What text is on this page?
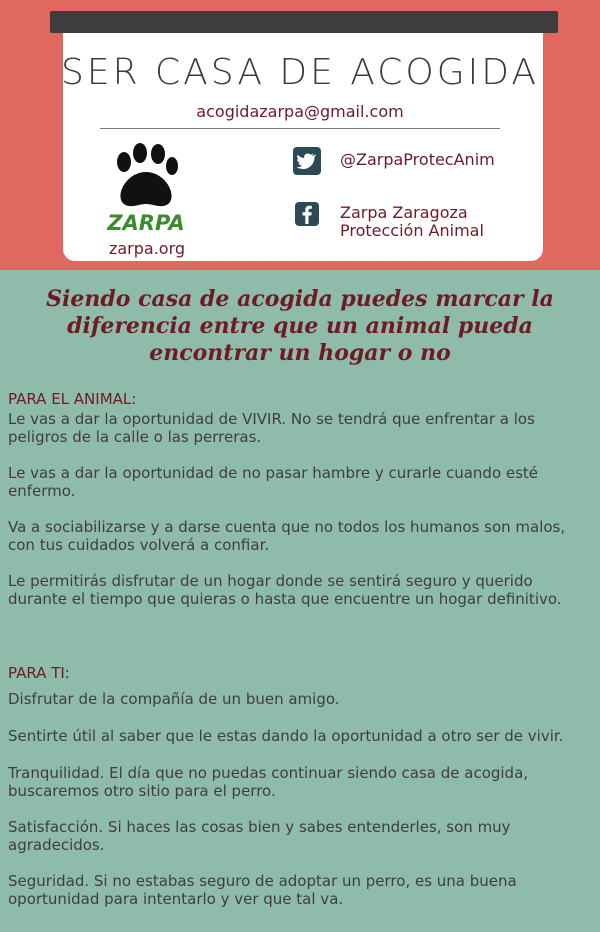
SER CASA DE ACOGIDA
acogidazarpa@gmail.com
ZARPA
zarpa.org
@ZarpaProtecAnim
Zarpa Zaragoza
Protección Animal
Siendo casa de acogida puedes marcar la diferencia entre que un animal pueda encontrar un hogar o no
PARA EL ANIMAL:
Le vas a dar la oportunidad de VIVIR. No se tendrá que enfrentar a los peligros de la calle o las perreras.
Le vas a dar la oportunidad de no pasar hambre y curarle cuando esté enfermo.
Va a sociabilizarse y a darse cuenta que no todos los humanos son malos, con tus cuidados volverá a confiar.
Le permitirás disfrutar de un hogar donde se sentirá seguro y querido durante el tiempo que quieras o hasta que encuentre un hogar definitivo.
PARA TI:
Disfrutar de la compañía de un buen amigo.
Sentirte útil al saber que le estas dando la oportunidad a otro ser de vivir.
Tranquilidad. El día que no puedas continuar siendo casa de acogida, buscaremos otro sitio para el perro.
Satisfacción. Si haces las cosas bien y sabes entenderles, son muy agradecidos.
Seguridad. Si no estabas seguro de adoptar un perro, es una buena oportunidad para intentarlo y ver que tal va.
